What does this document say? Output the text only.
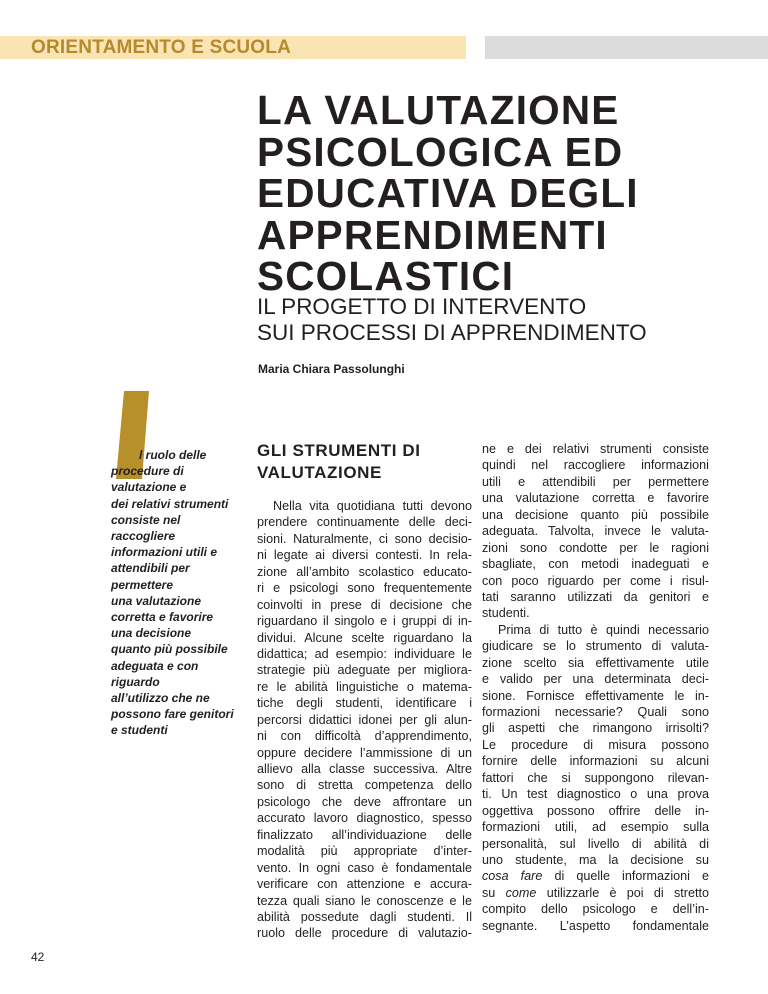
ORIENTAMENTO E SCUOLA
LA VALUTAZIONE
PSICOLOGICA ED
EDUCATIVA DEGLI
APPRENDIMENTI
SCOLASTICI
IL PROGETTO DI INTERVENTO
SUI PROCESSI DI APPRENDIMENTO
Maria Chiara Passolunghi
l ruolo delle
procedure di
valutazione e
dei relativi strumenti
consiste nel
raccogliere
informazioni utili e
attendibili per
permettere
una valutazione
corretta e favorire
una decisione
quanto più possibile
adeguata e con
riguardo
all’utilizzo che ne
possono fare genitori
e studenti
GLI STRUMENTI DI
VALUTAZIONE
Nella vita quotidiana tutti devono
prendere continuamente delle deci-
sioni. Naturalmente, ci sono decisio-
ni legate ai diversi contesti. In rela-
zione all’ambito scolastico educato-
ri e psicologi sono frequentemente
coinvolti in prese di decisione che
riguardano il singolo e i gruppi di in-
dividui. Alcune scelte riguardano la
didattica; ad esempio: individuare le
strategie più adeguate per migliora-
re le abilità linguistiche o matema-
tiche degli studenti, identificare i
percorsi didattici idonei per gli alun-
ni con difficoltà d’apprendimento,
oppure decidere l’ammissione di un
allievo alla classe successiva. Altre
sono di stretta competenza dello
psicologo che deve affrontare un
accurato lavoro diagnostico, spesso
finalizzato all’individuazione delle
modalità più appropriate d’inter-
vento. In ogni caso è fondamentale
verificare con attenzione e accura-
tezza quali siano le conoscenze e le
abilità possedute dagli studenti. Il
ruolo delle procedure di valutazio-
ne e dei relativi strumenti consiste
quindi nel raccogliere informazioni
utili e attendibili per permettere
una valutazione corretta e favorire
una decisione quanto più possibile
adeguata. Talvolta, invece le valuta-
zioni sono condotte per le ragioni
sbagliate, con metodi inadeguati e
con poco riguardo per come i risul-
tati saranno utilizzati da genitori e
studenti.
Prima di tutto è quindi necessario
giudicare se lo strumento di valuta-
zione scelto sia effettivamente utile
e valido per una determinata deci-
sione. Fornisce effettivamente le in-
formazioni necessarie? Quali sono
gli aspetti che rimangono irrisolti?
Le procedure di misura possono
fornire delle informazioni su alcuni
fattori che si suppongono rilevan-
ti. Un test diagnostico o una prova
oggettiva possono offrire delle in-
formazioni utili, ad esempio sulla
personalità, sul livello di abilità di
uno studente, ma la decisione su
cosa fare di quelle informazioni e
su come utilizzarle è poi di stretto
compito dello psicologo e dell’in-
segnante. L’aspetto fondamentale
42
